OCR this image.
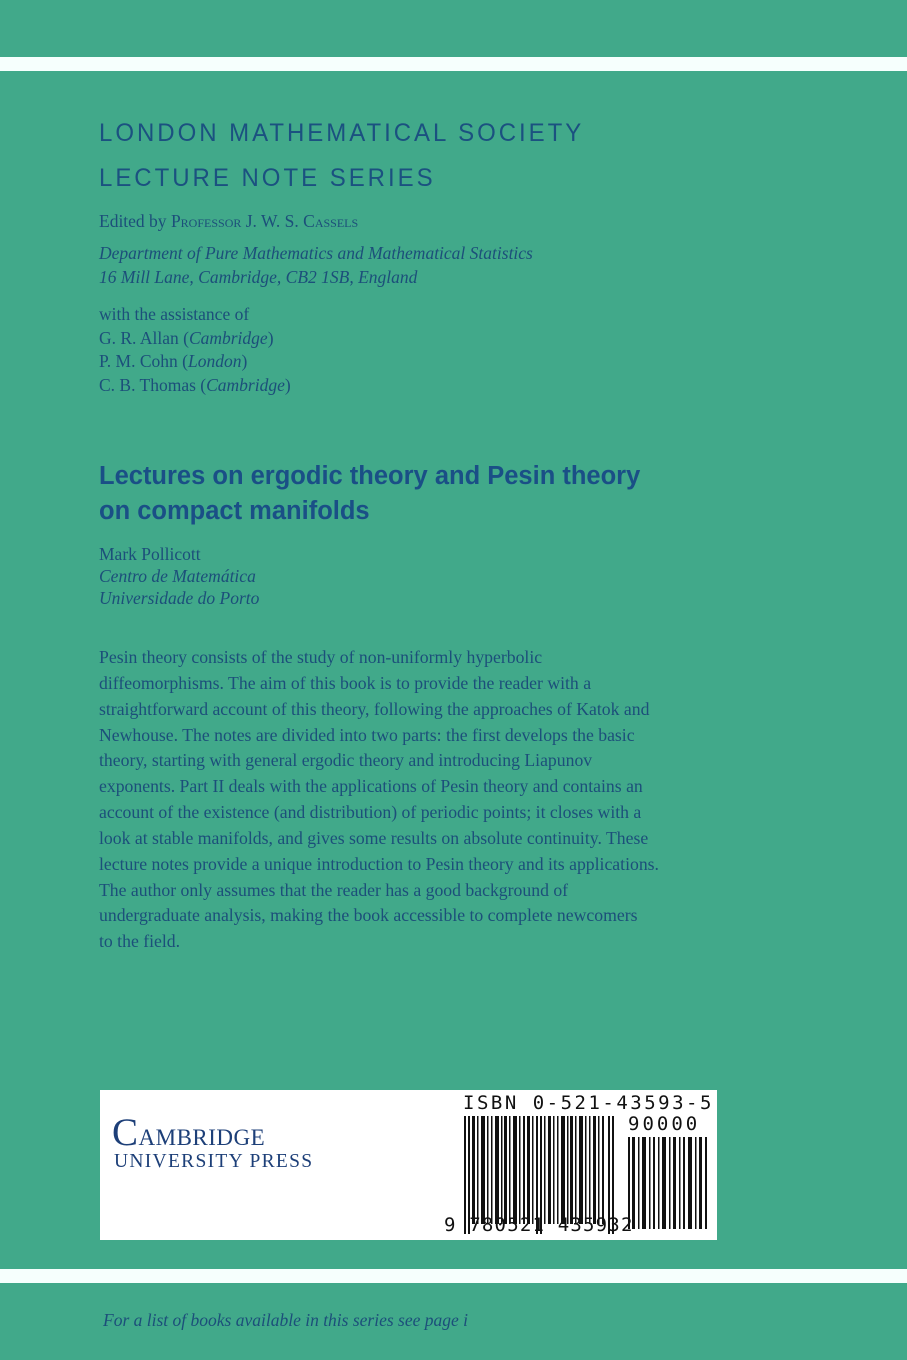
LONDON MATHEMATICAL SOCIETY
LECTURE NOTE SERIES
Edited by Professor J. W. S. Cassels
Department of Pure Mathematics and Mathematical Statistics
16 Mill Lane, Cambridge, CB2 1SB, England
with the assistance of
G. R. Allan (Cambridge)
P. M. Cohn (London)
C. B. Thomas (Cambridge)
Lectures on ergodic theory and Pesin theory
on compact manifolds
Mark Pollicott
Centro de Matemática
Universidade do Porto
Pesin theory consists of the study of non-uniformly hyperbolic
diffeomorphisms. The aim of this book is to provide the reader with a
straightforward account of this theory, following the approaches of Katok and
Newhouse. The notes are divided into two parts: the first develops the basic
theory, starting with general ergodic theory and introducing Liapunov
exponents. Part II deals with the applications of Pesin theory and contains an
account of the existence (and distribution) of periodic points; it closes with a
look at stable manifolds, and gives some results on absolute continuity. These
lecture notes provide a unique introduction to Pesin theory and its applications.
The author only assumes that the reader has a good background of
undergraduate analysis, making the book accessible to complete newcomers
to the field.
Cambridge
UNIVERSITY PRESS
ISBN 0-521-43593-5
90000
9 780521 435932
For a list of books available in this series see page i
